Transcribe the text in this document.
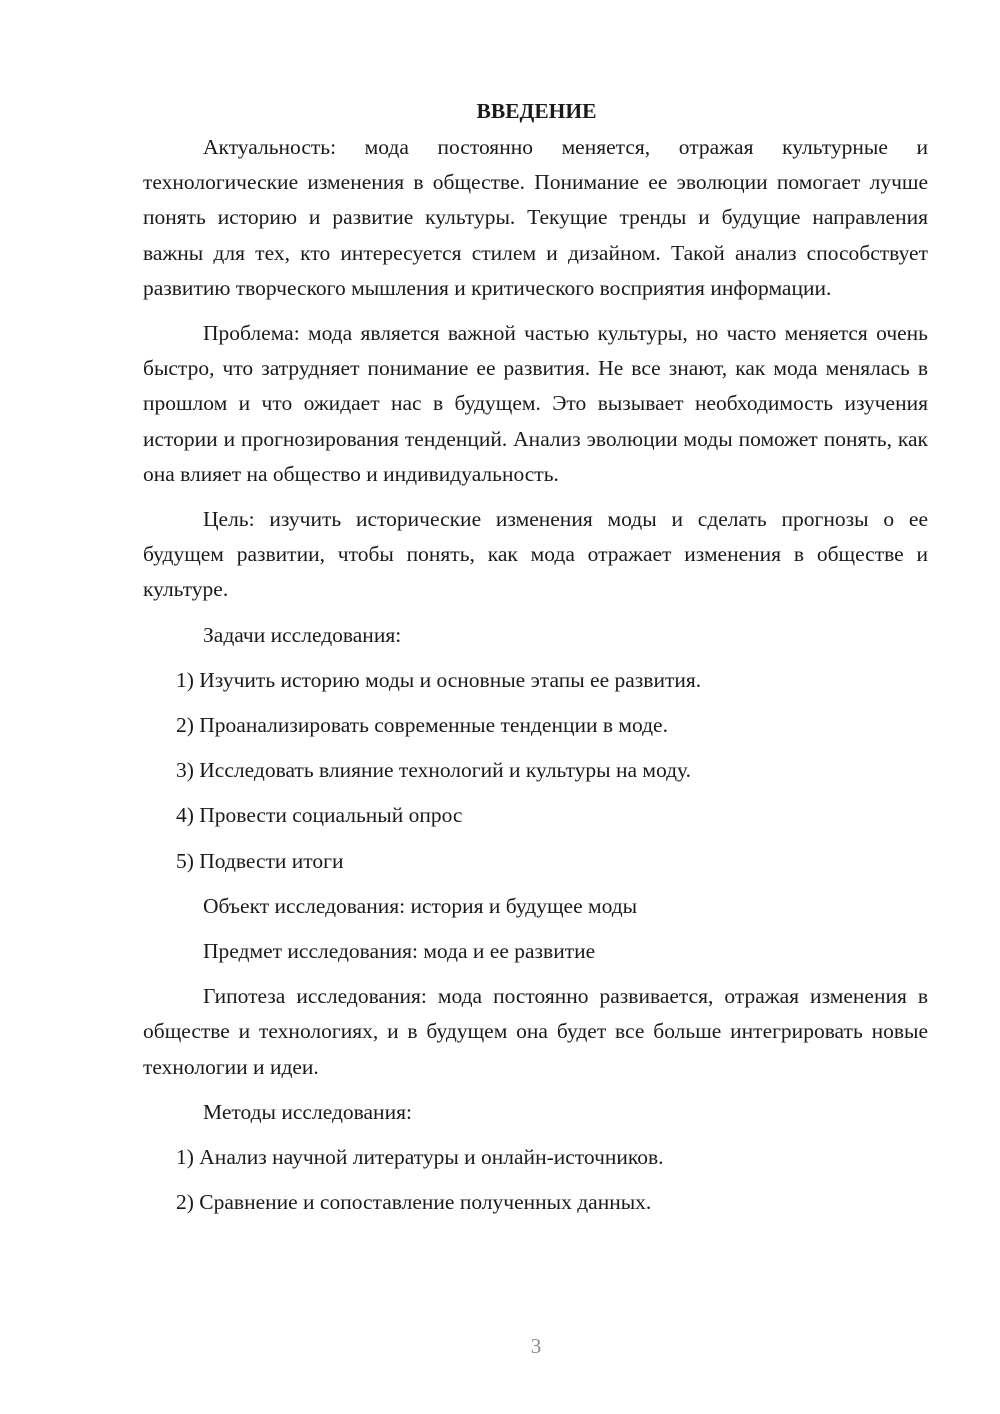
ВВЕДЕНИЕ

Актуальность: мода постоянно меняется, отражая культурные и технологические изменения в обществе. Понимание ее эволюции помогает лучше понять историю и развитие культуры. Текущие тренды и будущие направления важны для тех, кто интересуется стилем и дизайном. Такой анализ способствует развитию творческого мышления и критического восприятия информации.

Проблема: мода является важной частью культуры, но часто меняется очень быстро, что затрудняет понимание ее развития. Не все знают, как мода менялась в прошлом и что ожидает нас в будущем. Это вызывает необходимость изучения истории и прогнозирования тенденций. Анализ эволюции моды поможет понять, как она влияет на общество и индивидуальность.

Цель: изучить исторические изменения моды и сделать прогнозы о ее будущем развитии, чтобы понять, как мода отражает изменения в обществе и культуре.

Задачи исследования:
1) Изучить историю моды и основные этапы ее развития.
2) Проанализировать современные тенденции в моде.
3) Исследовать влияние технологий и культуры на моду.
4) Провести социальный опрос
5) Подвести итоги
Объект исследования: история и будущее моды
Предмет исследования: мода и ее развитие

Гипотеза исследования: мода постоянно развивается, отражая изменения в обществе и технологиях, и в будущем она будет все больше интегрировать новые технологии и идеи.

Методы исследования:
1) Анализ научной литературы и онлайн-источников.
2) Сравнение и сопоставление полученных данных.
3
